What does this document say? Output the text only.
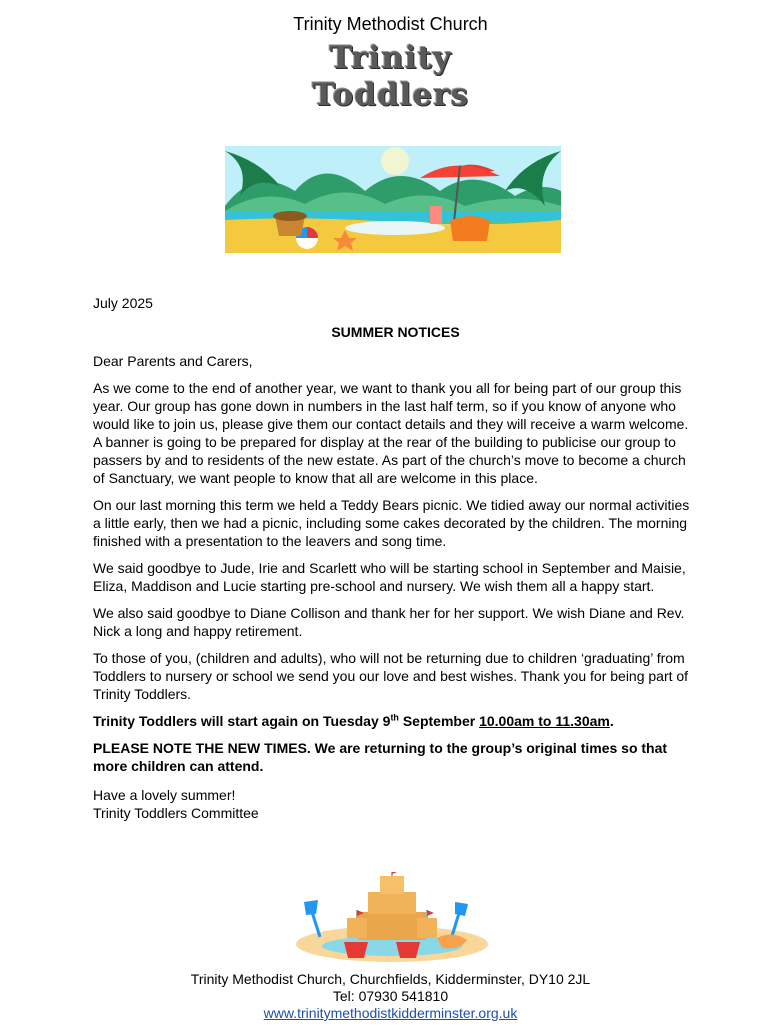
Trinity Methodist Church
Trinity
Toddlers

July 2025

SUMMER NOTICES

Dear Parents and Carers,

As we come to the end of another year, we want to thank you all for being part of our group this year. Our group has gone down in numbers in the last half term, so if you know of anyone who would like to join us, please give them our contact details and they will receive a warm welcome. A banner is going to be prepared for display at the rear of the building to publicise our group to passers by and to residents of the new estate. As part of the church’s move to become a church of Sanctuary, we want people to know that all are welcome in this place.

On our last morning this term we held a Teddy Bears picnic. We tidied away our normal activities a little early, then we had a picnic, including some cakes decorated by the children. The morning finished with a presentation to the leavers and song time.

We said goodbye to Jude, Irie and Scarlett who will be starting school in September and Maisie, Eliza, Maddison and Lucie starting pre-school and nursery. We wish them all a happy start.

We also said goodbye to Diane Collison and thank her for her support. We wish Diane and Rev. Nick a long and happy retirement.

To those of you, (children and adults), who will not be returning due to children ‘graduating’ from Toddlers to nursery or school we send you our love and best wishes. Thank you for being part of Trinity Toddlers.

Trinity Toddlers will start again on Tuesday 9th September 10.00am to 11.30am.

PLEASE NOTE THE NEW TIMES. We are returning to the group’s original times so that more children can attend.

Have a lovely summer!
Trinity Toddlers Committee

Trinity Methodist Church, Churchfields, Kidderminster, DY10 2JL
Tel: 07930 541810
www.trinitymethodistkidderminster.org.uk
